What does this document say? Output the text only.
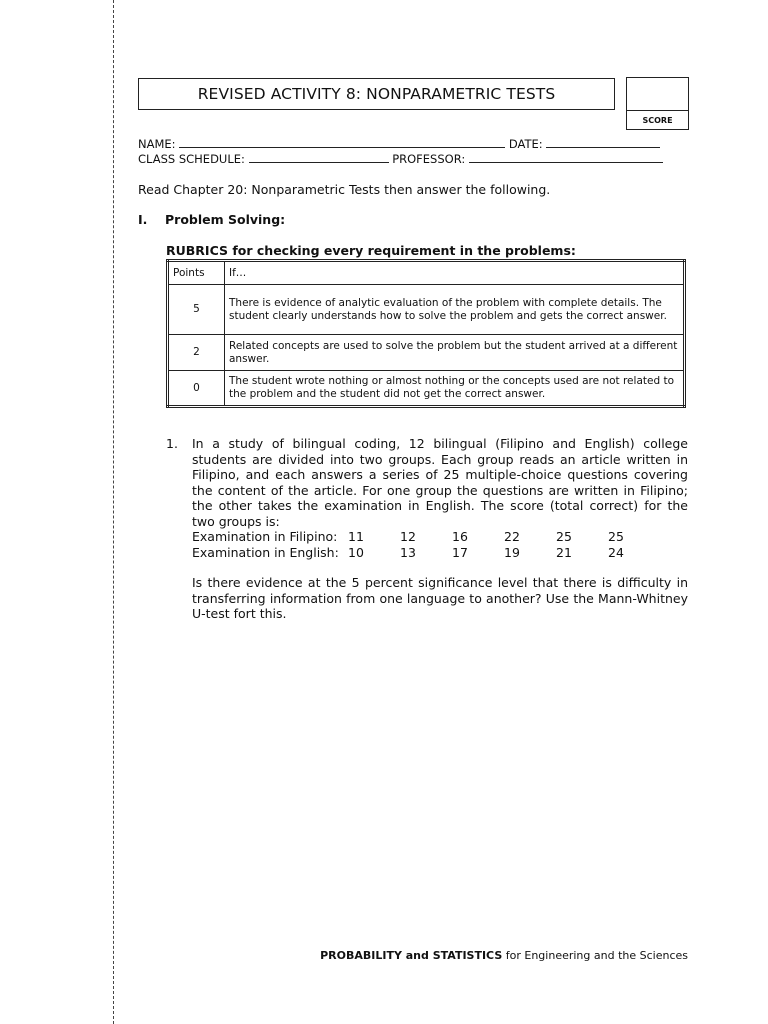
REVISED ACTIVITY 8: NONPARAMETRIC TESTS
SCORE
NAME:	DATE:
CLASS SCHEDULE:	PROFESSOR:
Read Chapter 20: Nonparametric Tests then answer the following.
I. Problem Solving:
RUBRICS for checking every requirement in the problems:
Points	If…
5	There is evidence of analytic evaluation of the problem with complete details. The student clearly understands how to solve the problem and gets the correct answer.
2	Related concepts are used to solve the problem but the student arrived at a different answer.
0	The student wrote nothing or almost nothing or the concepts used are not related to the problem and the student did not get the correct answer.
1. In a study of bilingual coding, 12 bilingual (Filipino and English) college students are divided into two groups. Each group reads an article written in Filipino, and each answers a series of 25 multiple-choice questions covering the content of the article. For one group the questions are written in Filipino; the other takes the examination in English. The score (total correct) for the two groups is:
Examination in Filipino: 11	12	16	22	25	25
Examination in English: 10	13	17	19	21	24
Is there evidence at the 5 percent significance level that there is difficulty in transferring information from one language to another? Use the Mann-Whitney U-test fort this.
PROBABILITY and STATISTICS for Engineering and the Sciences
